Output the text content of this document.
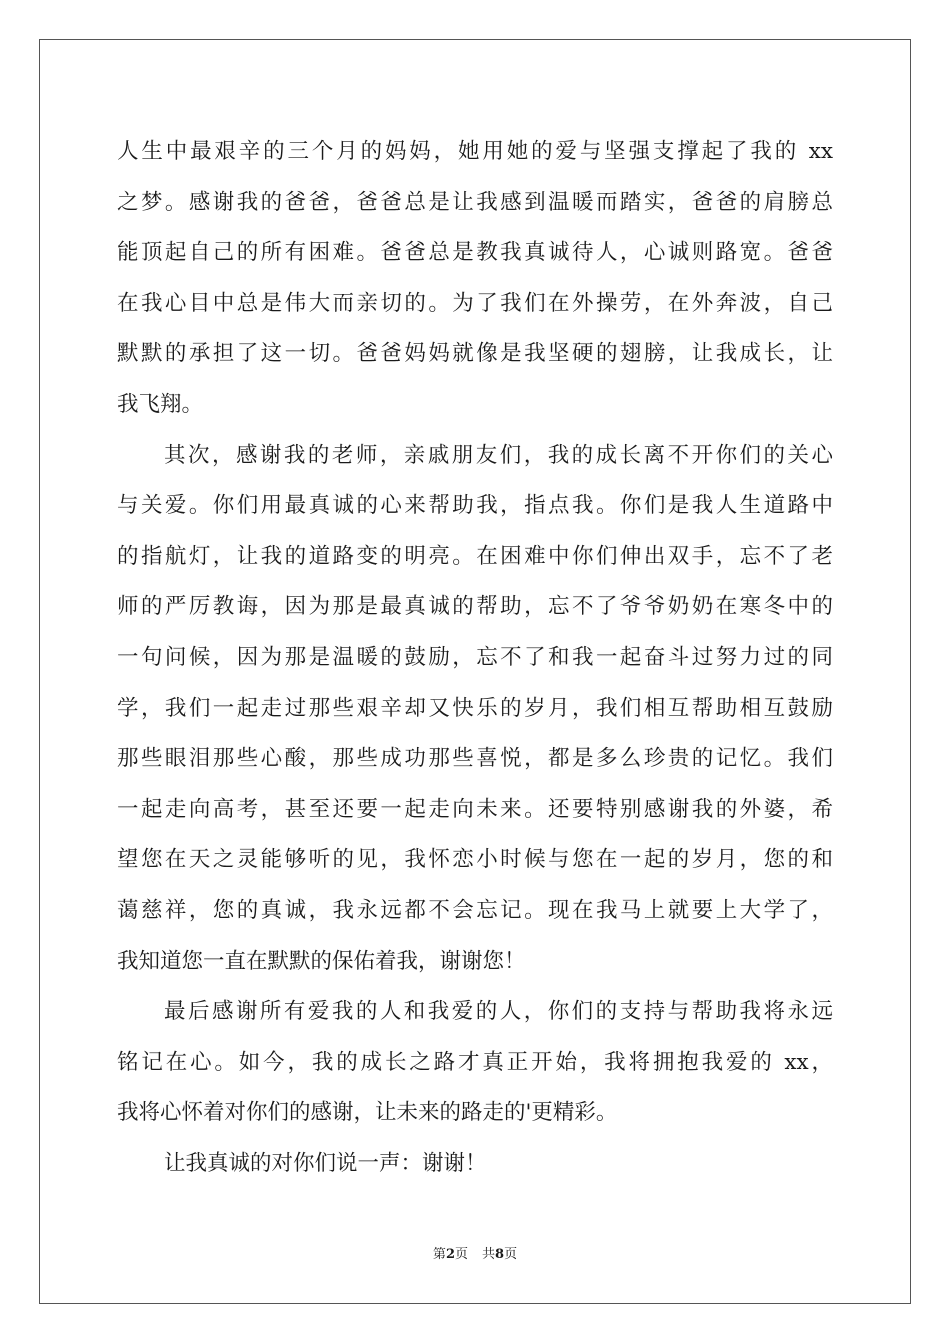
人生中最艰辛的三个月的妈妈，她用她的爱与坚强支撑起了我的 xx
之梦。感谢我的爸爸，爸爸总是让我感到温暖而踏实，爸爸的肩膀总
能顶起自己的所有困难。爸爸总是教我真诚待人，心诚则路宽。爸爸
在我心目中总是伟大而亲切的。为了我们在外操劳，在外奔波，自己
默默的承担了这一切。爸爸妈妈就像是我坚硬的翅膀，让我成长，让
我飞翔。
其次，感谢我的老师，亲戚朋友们，我的成长离不开你们的关心
与关爱。你们用最真诚的心来帮助我，指点我。你们是我人生道路中
的指航灯，让我的道路变的明亮。在困难中你们伸出双手，忘不了老
师的严厉教诲，因为那是最真诚的帮助，忘不了爷爷奶奶在寒冬中的
一句问候，因为那是温暖的鼓励，忘不了和我一起奋斗过努力过的同
学，我们一起走过那些艰辛却又快乐的岁月，我们相互帮助相互鼓励
那些眼泪那些心酸，那些成功那些喜悦，都是多么珍贵的记忆。我们
一起走向高考，甚至还要一起走向未来。还要特别感谢我的外婆，希
望您在天之灵能够听的见，我怀恋小时候与您在一起的岁月，您的和
蔼慈祥，您的真诚，我永远都不会忘记。现在我马上就要上大学了，
我知道您一直在默默的保佑着我，谢谢您！
最后感谢所有爱我的人和我爱的人，你们的支持与帮助我将永远
铭记在心。如今，我的成长之路才真正开始，我将拥抱我爱的 xx，
我将心怀着对你们的感谢，让未来的路走的'更精彩。
让我真诚的对你们说一声：谢谢！
第2页 共8页
